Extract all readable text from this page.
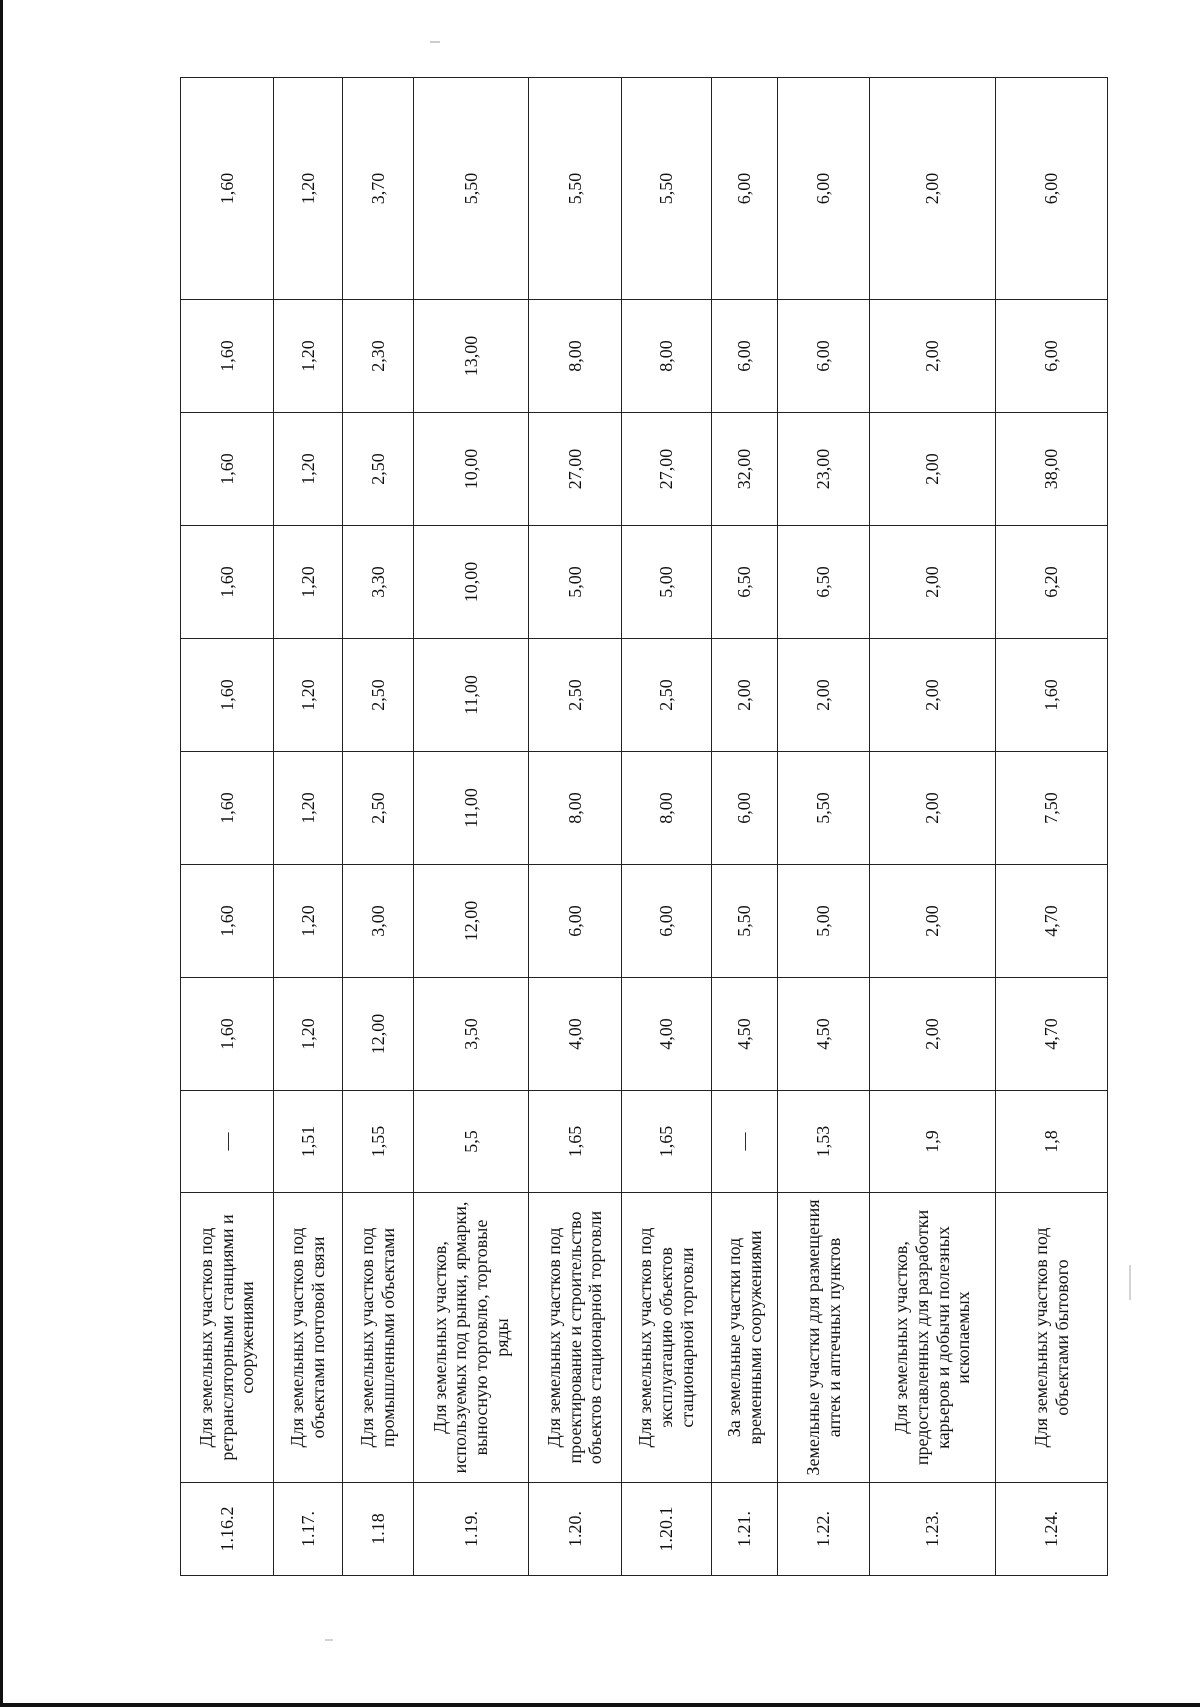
1.16.2	Для земельных участков под ретрансляторными станциями и сооружениями	—	1,60	1,60	1,60	1,60	1,60	1,60	1,60	1,60
1.17.	Для земельных участков под объектами почтовой связи	1,51	1,20	1,20	1,20	1,20	1,20	1,20	1,20	1,20
1.18	Для земельных участков под промышленными объектами	1,55	12,00	3,00	2,50	2,50	3,30	2,50	2,30	3,70
1.19.	Для земельных участков, используемых под рынки, ярмарки, выносную торговлю, торговые ряды	5,5	3,50	12,00	11,00	11,00	10,00	10,00	13,00	5,50
1.20.	Для земельных участков под проектирование и строительство объектов стационарной торговли	1,65	4,00	6,00	8,00	2,50	5,00	27,00	8,00	5,50
1.20.1	Для земельных участков под эксплуатацию объектов стационарной торговли	1,65	4,00	6,00	8,00	2,50	5,00	27,00	8,00	5,50
1.21.	За земельные участки под временными сооружениями	—	4,50	5,50	6,00	2,00	6,50	32,00	6,00	6,00
1.22.	Земельные участки для размещения аптек и аптечных пунктов	1,53	4,50	5,00	5,50	2,00	6,50	23,00	6,00	6,00
1.23.	Для земельных участков, предоставленных для разработки карьеров и добычи полезных ископаемых	1,9	2,00	2,00	2,00	2,00	2,00	2,00	2,00	2,00
1.24.	Для земельных участков под объектами бытового	1,8	4,70	4,70	7,50	1,60	6,20	38,00	6,00	6,00
